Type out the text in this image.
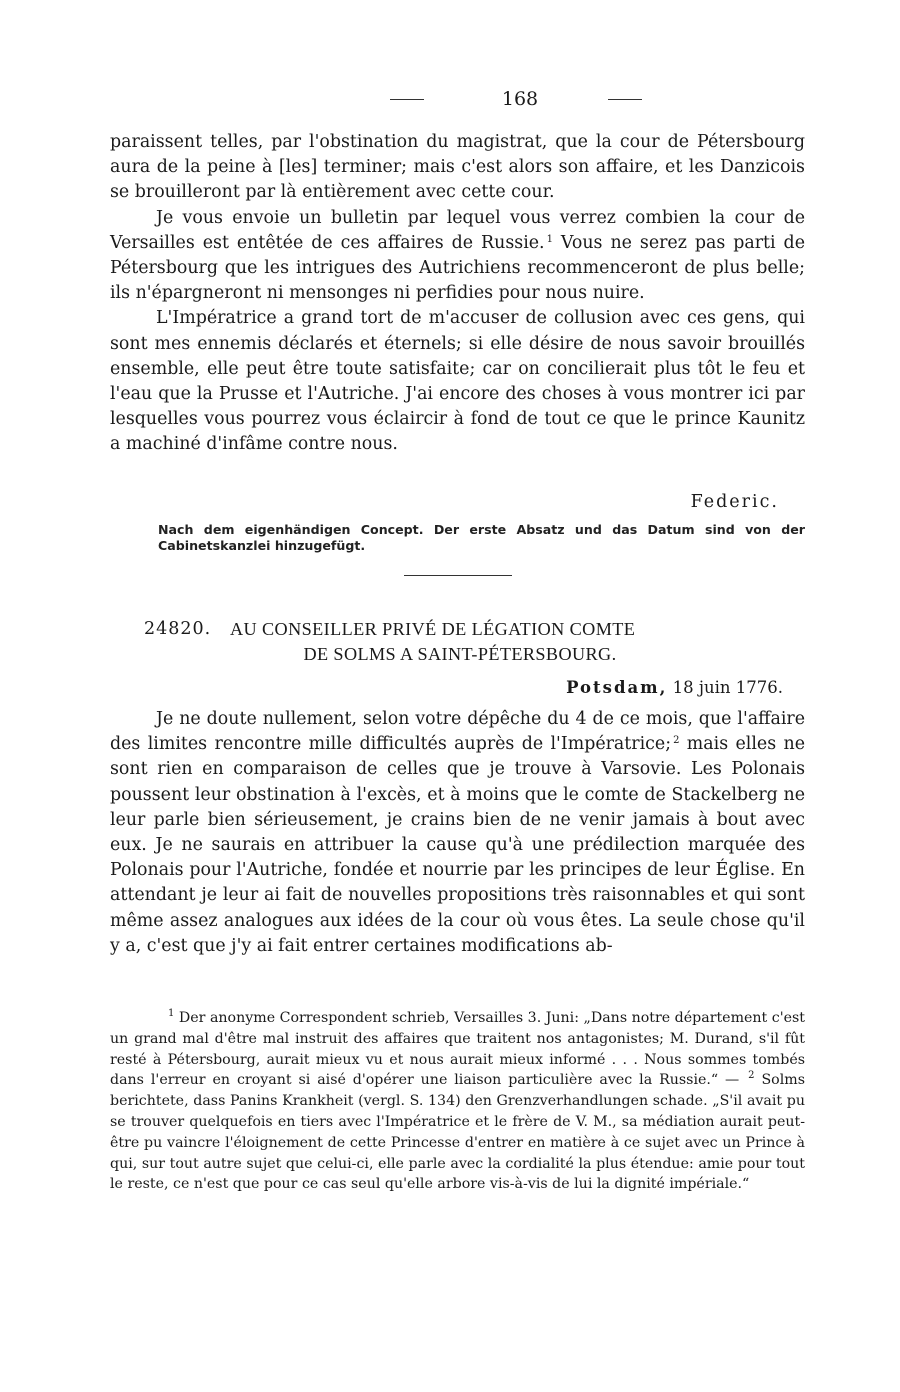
168

paraissent telles, par l'obstination du magistrat, que la cour de Pétersbourg aura de la peine à [les] terminer; mais c'est alors son affaire, et les Danzicois se brouilleront par là entièrement avec cette cour.

Je vous envoie un bulletin par lequel vous verrez combien la cour de Versailles est entêtée de ces affaires de Russie. $^1$ Vous ne serez pas parti de Pétersbourg que les intrigues des Autrichiens recommenceront de plus belle; ils n'épargneront ni mensonges ni perfidies pour nous nuire.

L'Impératrice a grand tort de m'accuser de collusion avec ces gens, qui sont mes ennemis déclarés et éternels; si elle désire de nous savoir brouillés ensemble, elle peut être toute satisfaite; car on concilierait plus tôt le feu et l'eau que la Prusse et l'Autriche. J'ai encore des choses à vous montrer ici par lesquelles vous pourrez vous éclaircir à fond de tout ce que le prince Kaunitz a machiné d'infâme contre nous.

Federic.

Nach dem eigenhändigen Concept. Der erste Absatz und das Datum sind von der Cabinetskanzlei hinzugefügt.

24820. AU CONSEILLER PRIVÉ DE LÉGATION COMTE
DE SOLMS A SAINT-PÉTERSBOURG.
Potsdam, 18 juin 1776.

Je ne doute nullement, selon votre dépêche du 4 de ce mois, que l'affaire des limites rencontre mille difficultés auprès de l'Impératrice; $^2$ mais elles ne sont rien en comparaison de celles que je trouve à Varsovie. Les Polonais poussent leur obstination à l'excès, et à moins que le comte de Stackelberg ne leur parle bien sérieusement, je crains bien de ne venir jamais à bout avec eux. Je ne saurais en attribuer la cause qu'à une prédilection marquée des Polonais pour l'Autriche, fondée et nourrie par les principes de leur Église. En attendant je leur ai fait de nouvelles propositions très raisonnables et qui sont même assez analogues aux idées de la cour où vous êtes. La seule chose qu'il y a, c'est que j'y ai fait entrer certaines modifications ab-

$^1$ Der anonyme Correspondent schrieb, Versailles 3. Juni: „Dans notre département c'est un grand mal d'être mal instruit des affaires que traitent nos antagonistes; M. Durand, s'il fût resté à Pétersbourg, aurait mieux vu et nous aurait mieux informé . . . Nous sommes tombés dans l'erreur en croyant si aisé d'opérer une liaison particulière avec la Russie.“ — $^2$ Solms berichtete, dass Panins Krankheit (vergl. S. 134) den Grenzverhandlungen schade. „S'il avait pu se trouver quelquefois en tiers avec l'Impératrice et le frère de V. M., sa médiation aurait peut-être pu vaincre l'éloignement de cette Princesse d'entrer en matière à ce sujet avec un Prince à qui, sur tout autre sujet que celui-ci, elle parle avec la cordialité la plus étendue: amie pour tout le reste, ce n'est que pour ce cas seul qu'elle arbore vis-à-vis de lui la dignité impériale.“
